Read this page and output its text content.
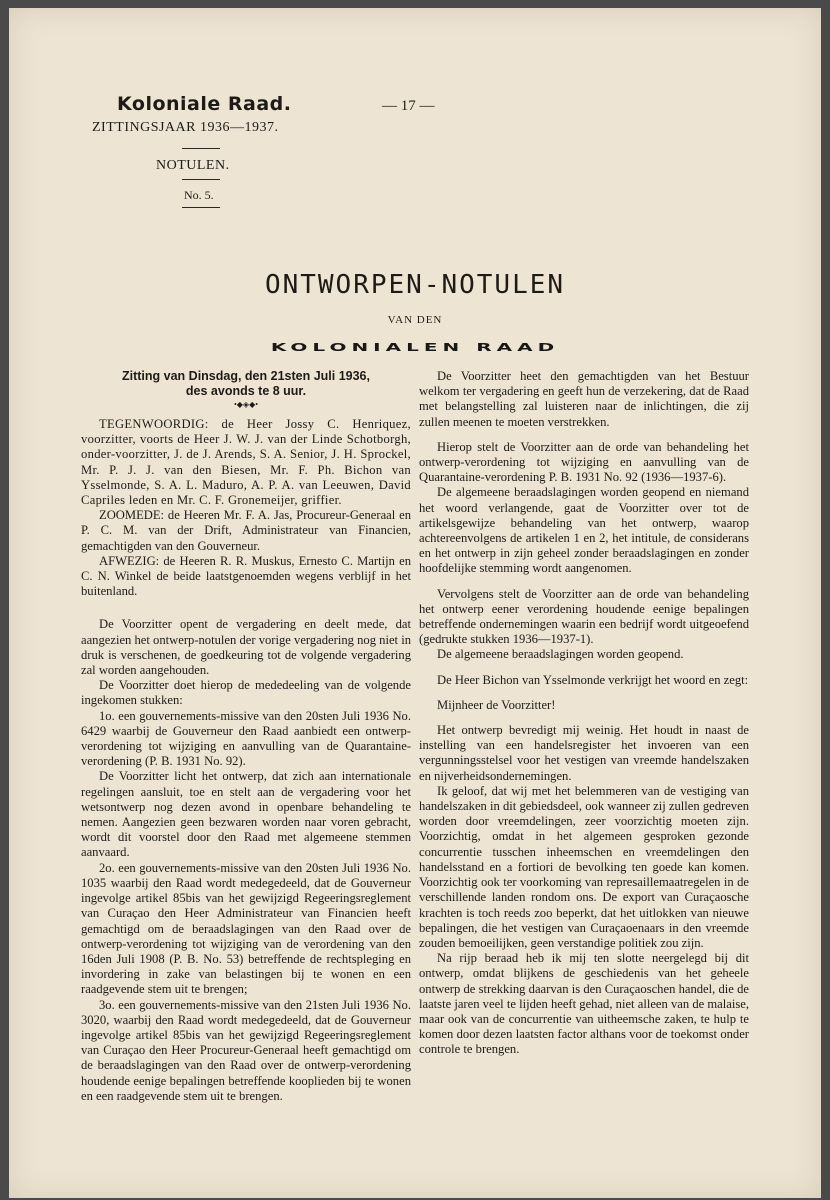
Koloniale Raad.
ZITTINGSJAAR 1936—1937.
— 17 —
NOTULEN.
No. 5.
ONTWORPEN-NOTULEN
VAN DEN
KOLONIALEN RAAD

Zitting van Dinsdag, den 21sten Juli 1936,

des avonds te 8 uur.

•◆◈◆•

TEGENWOORDIG: de Heer Jossy C. Henriquez, voorzitter, voorts de Heer J. W. J. van der Linde Schotborgh, onder-voorzitter, J. de J. Arends, S. A. Senior, J. H. Sprockel, Mr. P. J. J. van den Biesen, Mr. F. Ph. Bichon van Ysselmonde, S. A. L. Maduro, A. P. A. van Leeuwen, David Capriles leden en Mr. C. F. Gronemeijer, griffier.

ZOOMEDE: de Heeren Mr. F. A. Jas, Procureur-Generaal en P. C. M. van der Drift, Administrateur van Financien, gemachtigden van den Gouverneur.

AFWEZIG: de Heeren R. R. Muskus, Ernesto C. Martijn en C. N. Winkel de beide laatstgenoemden wegens verblijf in het buitenland.

De Voorzitter opent de vergadering en deelt mede, dat aangezien het ontwerp-notulen der vorige vergadering nog niet in druk is verschenen, de goedkeuring tot de volgende vergadering zal worden aangehouden.

De Voorzitter doet hierop de mededeeling van de volgende ingekomen stukken:

1o. een gouvernements-missive van den 20sten Juli 1936 No. 6429 waarbij de Gouverneur den Raad aanbiedt een ontwerp-verordening tot wijziging en aanvulling van de Quarantaine-verordening (P. B. 1931 No. 92).

De Voorzitter licht het ontwerp, dat zich aan internationale regelingen aansluit, toe en stelt aan de vergadering voor het wetsontwerp nog dezen avond in openbare behandeling te nemen. Aangezien geen bezwaren worden naar voren gebracht, wordt dit voorstel door den Raad met algemeene stemmen aanvaard.

2o. een gouvernements-missive van den 20sten Juli 1936 No. 1035 waarbij den Raad wordt medegedeeld, dat de Gouverneur ingevolge artikel 85bis van het gewijzigd Regeeringsreglement van Curaçao den Heer Administrateur van Financien heeft gemachtigd om de beraadslagingen van den Raad over de ontwerp-verordening tot wijziging van de verordening van den 16den Juli 1908 (P. B. No. 53) betreffende de rechtspleging en invordering in zake van belastingen bij te wonen en een raadgevende stem uit te brengen;

3o. een gouvernements-missive van den 21sten Juli 1936 No. 3020, waarbij den Raad wordt medegedeeld, dat de Gouverneur ingevolge artikel 85bis van het gewijzigd Regeeringsreglement van Curaçao den Heer Procureur-Generaal heeft gemachtigd om de beraadslagingen van den Raad over de ontwerp-verordening houdende eenige bepalingen betreffende kooplieden bij te wonen en een raadgevende stem uit te brengen.

De Voorzitter heet den gemachtigden van het Bestuur welkom ter vergadering en geeft hun de verzekering, dat de Raad met belangstelling zal luisteren naar de inlichtingen, die zij zullen meenen te moeten verstrekken.

Hierop stelt de Voorzitter aan de orde van behandeling het ontwerp-verordening tot wijziging en aanvulling van de Quarantaine-verordening P. B. 1931 No. 92 (1936—1937-6).

De algemeene beraadslagingen worden geopend en niemand het woord verlangende, gaat de Voorzitter over tot de artikelsgewijze behandeling van het ontwerp, waarop achtereenvolgens de artikelen 1 en 2, het intitule, de considerans en het ontwerp in zijn geheel zonder beraadslagingen en zonder hoofdelijke stemming wordt aangenomen.

Vervolgens stelt de Voorzitter aan de orde van behandeling het ontwerp eener verordening houdende eenige bepalingen betreffende ondernemingen waarin een bedrijf wordt uitgeoefend (gedrukte stukken 1936—1937-1).

De algemeene beraadslagingen worden geopend.

De Heer Bichon van Ysselmonde verkrijgt het woord en zegt:

Mijnheer de Voorzitter!

Het ontwerp bevredigt mij weinig. Het houdt in naast de instelling van een handelsregister het invoeren van een vergunningsstelsel voor het vestigen van vreemde handelszaken en nijverheidsondernemingen.

Ik geloof, dat wij met het belemmeren van de vestiging van handelszaken in dit gebiedsdeel, ook wanneer zij zullen gedreven worden door vreemdelingen, zeer voorzichtig moeten zijn. Voorzichtig, omdat in het algemeen gesproken gezonde concurrentie tusschen inheemschen en vreemdelingen den handelsstand en a fortiori de bevolking ten goede kan komen. Voorzichtig ook ter voorkoming van represaillemaatregelen in de verschillende landen rondom ons. De export van Curaçaosche krachten is toch reeds zoo beperkt, dat het uitlokken van nieuwe bepalingen, die het vestigen van Curaçaoenaars in den vreemde zouden bemoeilijken, geen verstandige politiek zou zijn.

Na rijp beraad heb ik mij ten slotte neergelegd bij dit ontwerp, omdat blijkens de geschiedenis van het geheele ontwerp de strekking daarvan is den Curaçaoschen handel, die de laatste jaren veel te lijden heeft gehad, niet alleen van de malaise, maar ook van de concurrentie van uitheemsche zaken, te hulp te komen door dezen laatsten factor althans voor de toekomst onder controle te brengen.
